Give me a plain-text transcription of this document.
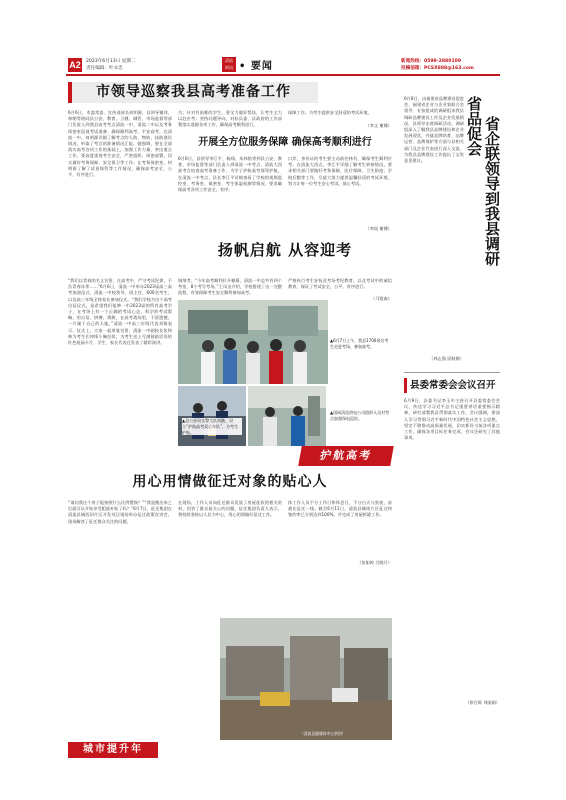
A2 2023年6月13日 星期二
责任编辑：叶永忠
清流
时讯 • 要闻	新闻热线：0599-2880109
投稿信箱：PCSX888@163.com
市领导巡察我县高考准备工作
6月6日，市委常委、宣传部部长何明源，县领导谢玮、林朝等陪同县公安、教育、卫健、城管、市场监督等部门负责人到我县高考考点清流一中、清流二中以及考务保密室巡视考试准备、确保顺利高考、平安高考。在清流一中，何明源详细了解考点的人防、物防、技防建设情况，听取了考点的准备情况汇报。她强调，要在全面落实高考各项工作的基础上，加强工作力量，突出重点工作，要高度重视考生安全，严密组织、周密部署，切实做好考务保障、安全保卫等工作。在考务保密室，何明源了解了试卷保管等工作情况，确保高考安全、公平、有序进行。
为；针对有困难的学生，要全力做好帮扶，让考生全力以赴应考；坚持问题导向，对标县委、县政府的工作部署落实落细各项工作，确保高考顺利进行。
保障工作。为考生提供安全舒适的考试环境。
（李文 谢娜）
开展全方位服务保障 确保高考顺利进行
6月6日，县领导李江平、杨翔、朱林陪等到县公安、教育、市场监督等部门负责人到清流一中考点、清流大西高考点检查高考准备工作，为学子护航高考保驾护航。在清流一中考点，县长李江平详细查看了学校的视频监控室、考务室、保密室、考生体温检测等情况，要求确保高考各项工作安全、有序。
口岸，身份证的考生要主动前往林有，确保考生顺利应考。在清流大西点，李江平详细了解考生转接情况，要求相关部门要做好考务保障，医疗保障，卫生防疫，学校后勤等工作，尽最大努力提供温馨舒适的考试环境，努力让每一位考生安心考试，放心考试。
（李岚 谢娜）
扬帆启航 从容迎考
“我们以青春的名义宣誓，在高考中，严守考试纪律，不负青春年华……”6月6日，清流一中举办2023届高三高考加油仪式，清流一中校领导、班主任、600名考生，以及高三年级全体家长参加仪式。“我们学校为这个高考出征仪式，是希望我们能够一中2023届的所有高考学子，在考场上有一个正确的考试心态，科学的考试策略，用自信、拼搏、勇敢，在高考战场里，不留遗憾，一片属于自己的天地。”清流一中高三年级代表刘翔表示。仪式上，大家一起拿笔宣誓，清流一中副校长张和林为考生们冲锋小胸包装，为考生送上写满鼓励话语的红色祝福卡片，学生、家长代表还发表了精彩演讲。
调剂考。“今年高考顺利拉开帷幕，清流一中总共有四个考室，8个考号考场。”王凤圣介绍，学校搭建了这一完整流程，有效保障考生安全顺利参加高考。
严格执行考生安检及考场考纪教育，以及考试中的诚信教育，保证了考试安全、公平、有序进行。
（马霞森）
▲6月7日上午，我县1700余名考生走进考场，参加高考。
▲县公安局交警大队执勤，设立“护航高考爱心车队”，为考生护航。
▲国网清流供电公司组织人员对考点加强保电巡检。
护航高考
用心用情做征迁对象的贴心人
“请问我这个房子能按照什么比例置换？”“我是搬出来之后就可以开始享受粗放补贴了吗？”6月7日，征迁集团在清流县城西旧片区开发项目现场举办征迁政策宣讲会，现场解答了征迁群众关注的问题。
在现场，工作人员向征迁群众发放了房屋征收的相关资料，回答了群众最关心的问题，征迁集团负责人表示，将持续坚持以人民为中心，用心用情做好征迁工作。
体工作人员不分工作日和休息日，不分白天与黑夜，奋战在征迁一线。截至6月11日，清流县城南片区征迁和签约率已分别达到100%，并完成了房屋拆除工作。
（张如婷 吕晓月）
（清流县融媒体中心供图）
城市提升年
6月8日，由福建省品牌建设促进会、福建省企业与企业家联合会领导、专家组成的调研组来我县调研品牌建设工作及企业发展情况，县领导出席调研活动。调研组深入了解我县品牌建设和企业发展现状，并就品牌培育、品牌运营、品牌保护等方面与县相关部门及企业代表进行深入交流，为我县品牌建设工作提出了宝贵意见建议。
（林志强 邱秋敏）
省品促会 省企联领导到我县调研
县委常委会会议召开
6月9日，县委书记李玉中主持召开县委常委会会议，传达学习习近平总书记重要讲话重要指示精神，研究部署我县贯彻落实工作。会议强调，要深入学习贯彻习近平新时代中国特色社会主义思想，坚定不移推动高质量发展，切实抓好当前各项重点工作，确保各项目标任务完成。会议还研究了其他事项。
（徐召辉 刘丽娟）
